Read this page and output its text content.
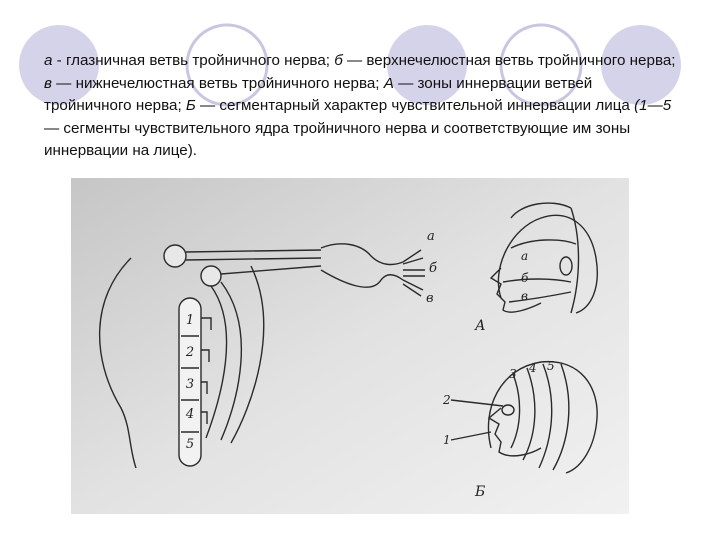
а - глазничная ветвь тройничного нерва; б — верхнечелюстная ветвь тройничного нерва; в — нижнечелюстная ветвь тройничного нерва; А — зоны иннервации ветвей тройничного нерва; Б — сегментарный характер чувствительной иннервации лица (1—5— сегменты чувствительного ядра тройничного нерва и соответствующие им зоны иннервации на лице).
а
б
в
1
2
3
4
5
а
б
в
А
1
2
3 4 5
Б
